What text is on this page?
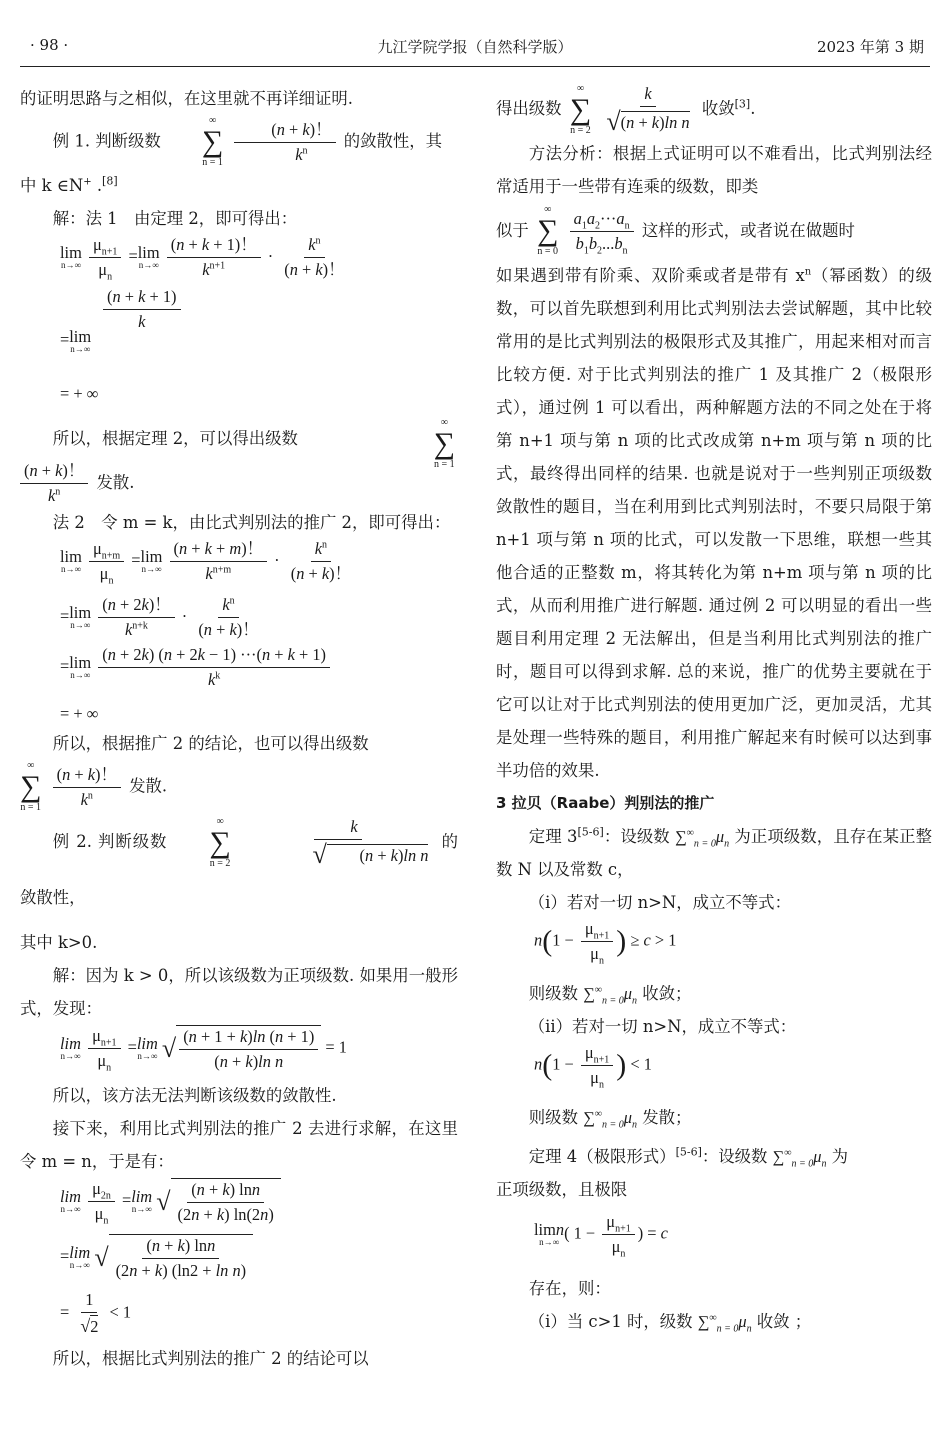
· 98 ·	九江学院学报（自然科学版）	2023 年第 3 期

的证明思路与之相似，在这里就不再详细证明.

例 1. 判断级数
∞
∑
n = 1
$\frac{(n + k)!}{k^n}$ 的敛散性，其

中 k ∈N+ .[8]

解：法 1　由定理 2，即可得出：

lim
n→∞
$\frac{\mu_{n+1}}{\mu_n} = \lim$
n→∞
$\frac{(n + k + 1)!}{k^{n+1}} \cdot \frac{k^n}{(n + k)!}$
$\frac{(n + k + 1)}{k}$
= lim
n→∞
= + ∞

所以，根据定理 2，可以得出级数
∞
∑
n = 1

$\frac{(n + k)!}{k^n}$ 发散.

法 2　令 m = k，由比式判别法的推广 2，即可得出：

lim
n→∞
$\frac{\mu_{n+m}}{\mu_n} = \lim$
n→∞
$\frac{(n + k + m)!}{k^{n+m}} \cdot \frac{k^n}{(n + k)!}$
= lim
n→∞
$\frac{(n + 2k)!}{k^{n+k}} \cdot \frac{k^n}{(n + k)!}$
= lim
n→∞
$\frac{(n + 2k) (n + 2k - 1) \cdot\cdot\cdot(n + k + 1)}{k^k}$
= + ∞

所以，根据推广 2 的结论，也可以得出级数

∞
∑
n = 1
$\frac{(n + k)!}{k^n}$ 发散.

例 2. 判断级数
∞
∑
n = 2
k
√	(n + k)ln n 的敛散性，

其中 k>0.

解：因为 k > 0，所以该级数为正项级数. 如果用一般形式，发现：

lim
n→∞
$\frac{\mu_{n+1}}{\mu_n} = \lim$
n→∞
√ $\frac{(n + 1 + k)\ln (n + 1)}{\text{(n + k)ln n}} = 1$

所以，该方法无法判断该级数的敛散性.

接下来，利用比式判别法的推广 2 去进行求解，在这里令 m = n，于是有：

lim
n→∞
$\frac{\mu_{2n}}{\mu_n} = \lim$
n→∞
√ $\frac{(n + k) \ln n}{(2n + k) \ln(2n)}$
= lim
n→∞
√ $\frac{(n + k) \ln n}{\text{(2n + k) (ln2 + ln n)}}$
= $\frac{1}{√ 2} < 1$

所以，根据比式判别法的推广 2 的结论可以

得出级数
∞
∑
n = 2
$\frac{k}{\text{√ (n + k)ln n}}$ 收敛[3].

方法分析：根据上式证明可以不难看出，比式判别法经常适用于一些带有连乘的级数，即类

似于
∞
∑
n = 0
$\frac{a_1a_2\cdot\cdot\cdot a_n}{b_1b_2...b_n}$ 这样的形式，或者说在做题时

如果遇到带有阶乘、双阶乘或者是带有 $x^n$（幂函数）的级数，可以首先联想到利用比式判别法去尝试解题，其中比较常用的是比式判别法的极限形式及其推广，用起来相对而言比较方便. 对于比式判别法的推广 1 及其推广 2（极限形式），通过例 1 可以看出，两种解题方法的不同之处在于将第 n+1 项与第 n 项的比式改成第 n+m 项与第 n 项的比式，最终得出同样的结果. 也就是说对于一些判别正项级数敛散性的题目，当在利用到比式判别法时，不要只局限于第 n+1 项与第 n 项的比式，可以发散一下思维，联想一些其他合适的正整数 m，将其转化为第 n+m 项与第 n 项的比式，从而利用推广进行解题. 通过例 2 可以明显的看出一些题目利用定理 2 无法解出，但是当利用比式判别法的推广时，题目可以得到求解. 总的来说，推广的优势主要就在于它可以让对于比式判别法的使用更加广泛，更加灵活，尤其是处理一些特殊的题目，利用推广解起来有时候可以达到事半功倍的效果.

3 拉贝（Raabe）判别法的推广

定理 3[5-6]：设级数 $\sum^\infty_{n = 0}\mu_n$ 为正项级数，且存在某正整数 N 以及常数 c，

（i）若对一切 n>N，成立不等式：

$n(1 - \frac{\mu_{n+1}}{\mu_n}$ ) ≥ c > 1

则级数 $\sum^\infty_{n = 0}\mu_n$ 收敛；

（ii）若对一切 n>N，成立不等式：

$n(1 - \frac{\mu_{n+1}}{\mu_n}$ ) < 1

则级数 $\sum^\infty_{n = 0}\mu_n$ 发散；

定理 4（极限形式）[5-6]：设级数 $\sum^\infty_{n = 0}\mu_n$ 为

正项级数，且极限

limn
n→∞ ( $1 - \frac{\mu_{n+1}}{\mu_n}$ ) = c

存在，则：

（i）当 c>1 时，级数 $\sum^\infty_{n = 0}\mu_n$ 收敛 ；
